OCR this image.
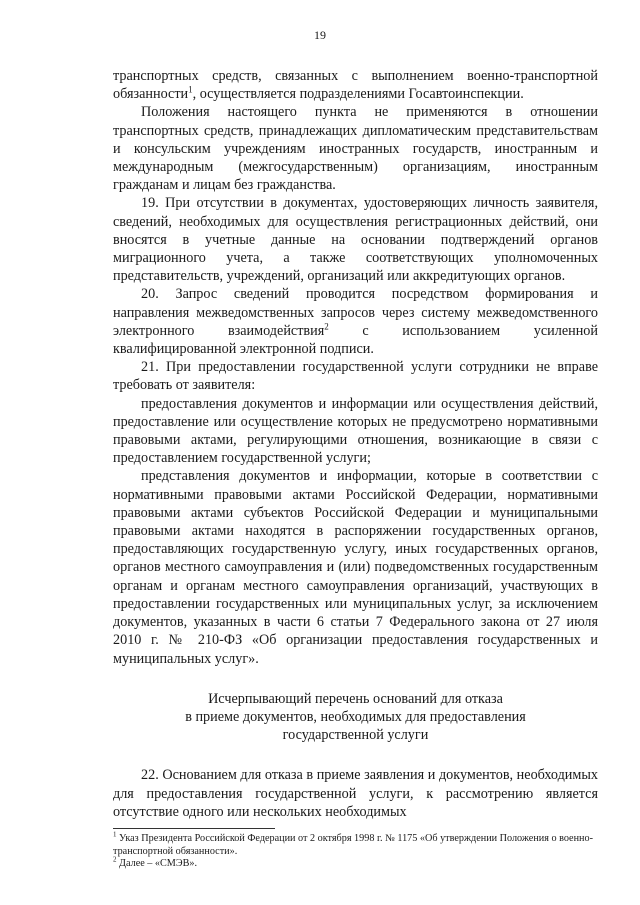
19

транспортных средств, связанных с выполнением военно-транспортной обязанности$^1$, осуществляется подразделениями Госавтоинспекции.

Положения настоящего пункта не применяются в отношении транспортных средств, принадлежащих дипломатическим представительствам и консульским учреждениям иностранных государств, иностранным и международным (межгосударственным) организациям, иностранным гражданам и лицам без гражданства.

19. При отсутствии в документах, удостоверяющих личность заявителя, сведений, необходимых для осуществления регистрационных действий, они вносятся в учетные данные на основании подтверждений органов миграционного учета, а также соответствующих уполномоченных представительств, учреждений, организаций или аккредитующих органов.

20. Запрос сведений проводится посредством формирования и направления межведомственных запросов через систему межведомственного электронного взаимодействия$^2$ с использованием усиленной квалифицированной электронной подписи.

21. При предоставлении государственной услуги сотрудники не вправе требовать от заявителя:

предоставления документов и информации или осуществления действий, предоставление или осуществление которых не предусмотрено нормативными правовыми актами, регулирующими отношения, возникающие в связи с предоставлением государственной услуги;

представления документов и информации, которые в соответствии с нормативными правовыми актами Российской Федерации, нормативными правовыми актами субъектов Российской Федерации и муниципальными правовыми актами находятся в распоряжении государственных органов, предоставляющих государственную услугу, иных государственных органов, органов местного самоуправления и (или) подведомственных государственным органам и органам местного самоуправления организаций, участвующих в предоставлении государственных или муниципальных услуг, за исключением документов, указанных в части 6 статьи 7 Федерального закона от 27 июля 2010 г. № 210-ФЗ «Об организации предоставления государственных и муниципальных услуг».

Исчерпывающий перечень оснований для отказа

в приеме документов, необходимых для предоставления

государственной услуги

22. Основанием для отказа в приеме заявления и документов, необходимых для предоставления государственной услуги, к рассмотрению является отсутствие одного или нескольких необходимых

$^1$ Указ Президента Российской Федерации от 2 октября 1998 г. № 1175 «Об утверждении Положения о военно-транспортной обязанности».

$^2$ Далее – «СМЭВ».
